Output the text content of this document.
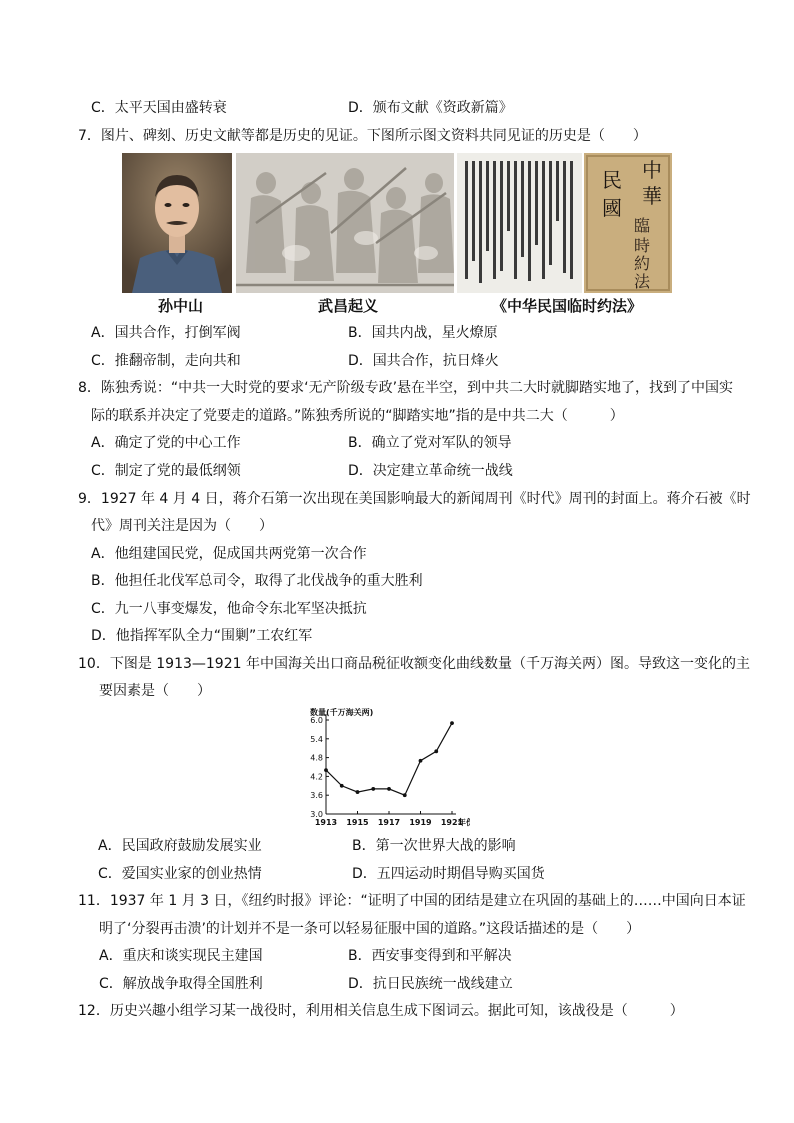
C．太平天国由盛转衰	D．颁布文献《资政新篇》
7．图片、碑刻、历史文献等都是历史的见证。下图所示图文资料共同见证的历史是（　　）
中
華
民
國
臨
時
約
法
孙中山	武昌起义	《中华民国临时约法》
A．国共合作，打倒军阀	B．国共内战，星火燎原
C．推翻帝制，走向共和	D．国共合作，抗日烽火
8．陈独秀说：“中共一大时党的要求‘无产阶级专政’悬在半空，到中共二大时就脚踏实地了，找到了中国实
际的联系并决定了党要走的道路。”陈独秀所说的“脚踏实地”指的是中共二大（　　　）
A．确定了党的中心工作	B．确立了党对军队的领导
C．制定了党的最低纲领	D．决定建立革命统一战线
9．1927 年 4 月 4 日，蒋介石第一次出现在美国影响最大的新闻周刊《时代》周刊的封面上。蒋介石被《时
代》周刊关注是因为（　　）
A．他组建国民党，促成国共两党第一次合作
B．他担任北伐军总司令，取得了北伐战争的重大胜利
C．九一八事变爆发，他命令东北军坚决抵抗
D．他指挥军队全力“围剿”工农红军
10．下图是 1913—1921 年中国海关出口商品税征收额变化曲线数量（千万海关两）图。导致这一变化的主
要因素是（　　）
数量(千万海关两)
6.0
5.4
4.8
4.2
3.6
3.0
1913 1915 1917 1919 1921
年
A．民国政府鼓励发展实业	B．第一次世界大战的影响
C．爱国实业家的创业热情	D．五四运动时期倡导购买国货
11．1937 年 1 月 3 日，《纽约时报》评论：“证明了中国的团结是建立在巩固的基础上的……中国向日本证
明了‘分裂再击溃’的计划并不是一条可以轻易征服中国的道路。”这段话描述的是（　　）
A．重庆和谈实现民主建国	B．西安事变得到和平解决
C．解放战争取得全国胜利	D．抗日民族统一战线建立
12．历史兴趣小组学习某一战役时，利用相关信息生成下图词云。据此可知，该战役是（　　　）
